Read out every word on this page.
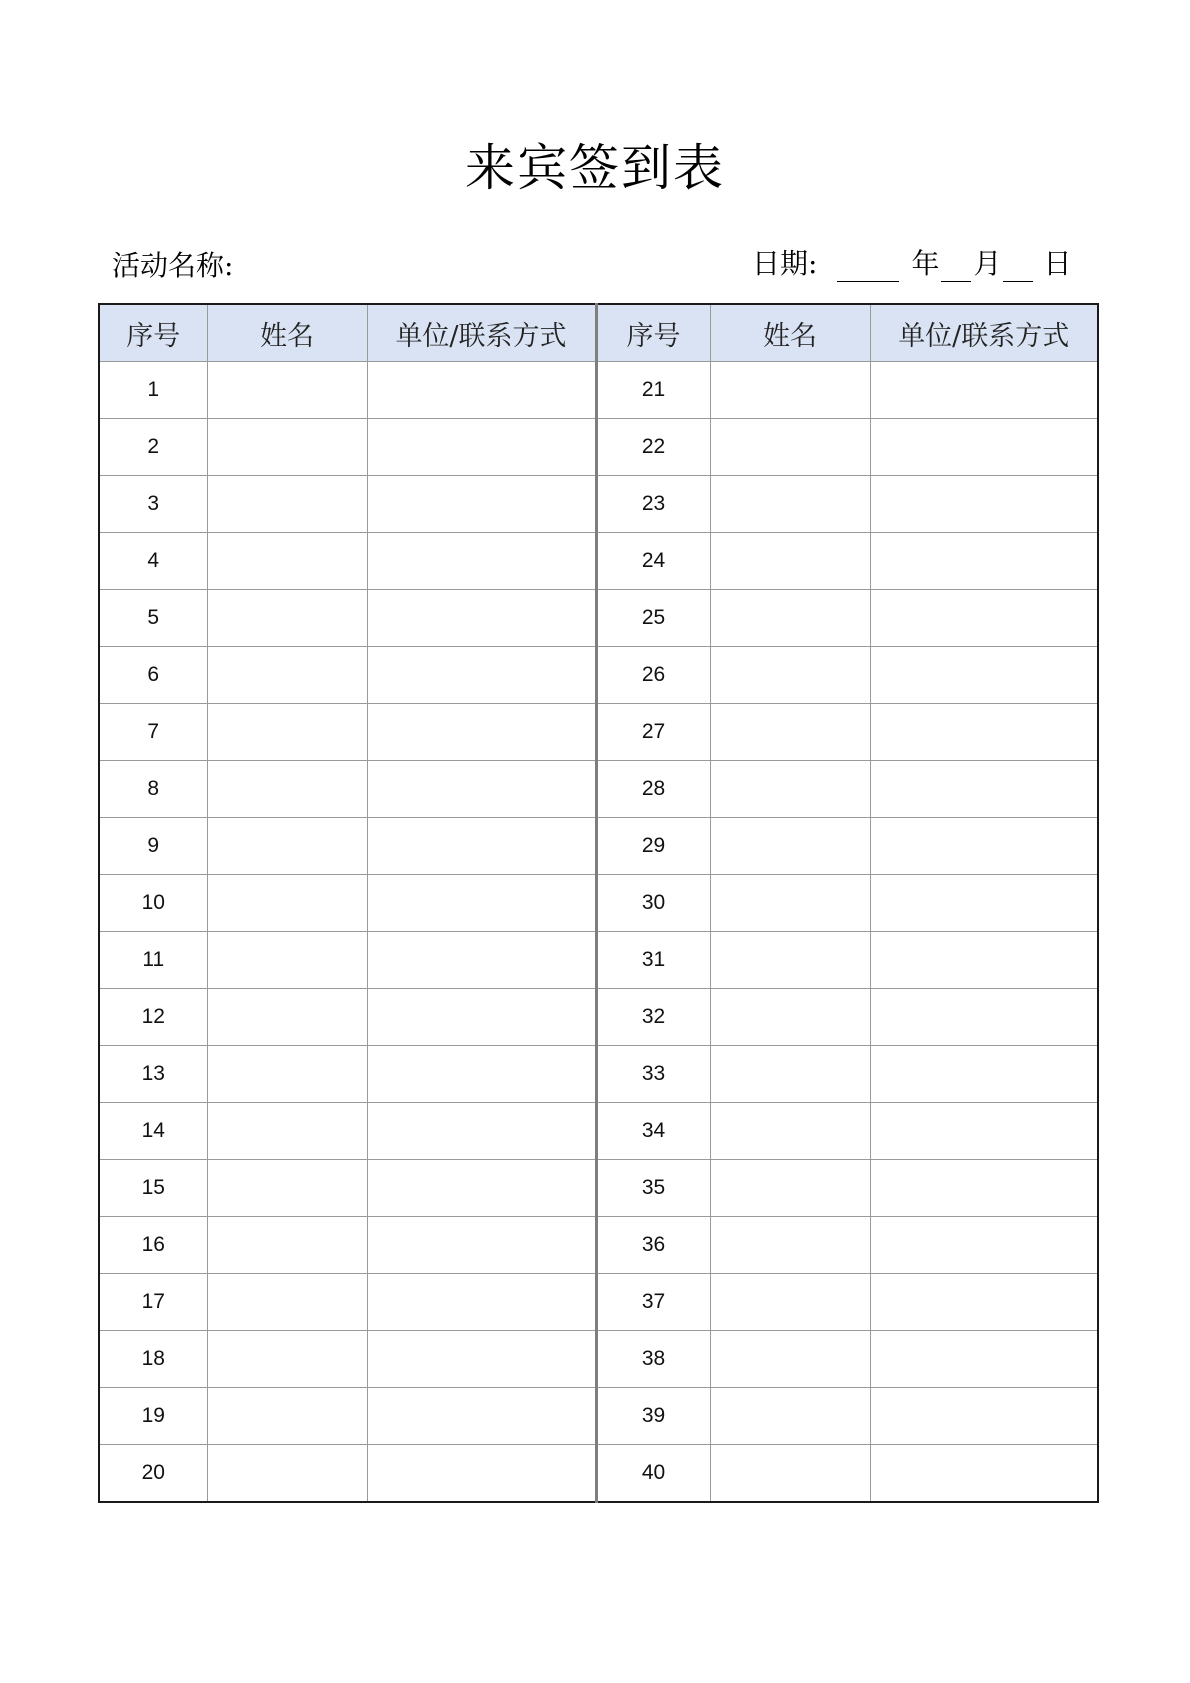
来宾签到表
活动名称:	日期:	年 月 日
序号	姓名	单位/联系方式	序号	姓名	单位/联系方式
1			21		
2			22		
3			23		
4			24		
5			25		
6			26		
7			27		
8			28		
9			29		
10			30		
11			31		
12			32		
13			33		
14			34		
15			35		
16			36		
17			37		
18			38		
19			39		
20			40		
